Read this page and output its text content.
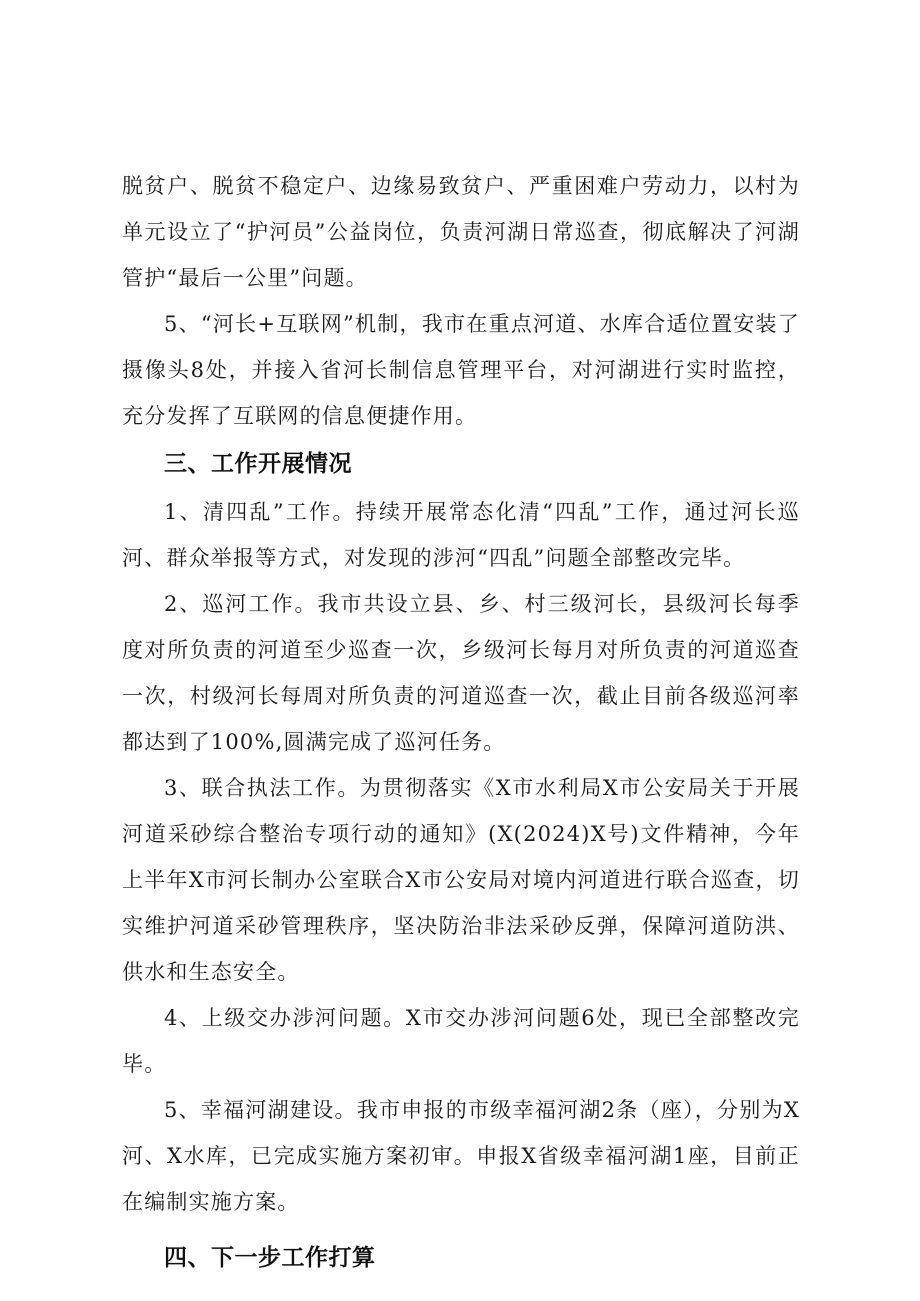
脱贫户、脱贫不稳定户、边缘易致贫户、严重困难户劳动力，以村为单元设立了“护河员”公益岗位，负责河湖日常巡查，彻底解决了河湖管护“最后一公里”问题。

5、“河长+互联网”机制，我市在重点河道、水库合适位置安装了摄像头8处，并接入省河长制信息管理平台，对河湖进行实时监控，充分发挥了互联网的信息便捷作用。

三、工作开展情况

1、清四乱”工作。持续开展常态化清“四乱”工作，通过河长巡河、群众举报等方式，对发现的涉河“四乱”问题全部整改完毕。

2、巡河工作。我市共设立县、乡、村三级河长，县级河长每季度对所负责的河道至少巡查一次，乡级河长每月对所负责的河道巡查一次，村级河长每周对所负责的河道巡查一次，截止目前各级巡河率都达到了100%,圆满完成了巡河任务。

3、联合执法工作。为贯彻落实《X市水利局X市公安局关于开展河道采砂综合整治专项行动的通知》(X(2024)X号)文件精神，今年上半年X市河长制办公室联合X市公安局对境内河道进行联合巡查，切实维护河道采砂管理秩序，坚决防治非法采砂反弹，保障河道防洪、供水和生态安全。

4、上级交办涉河问题。X市交办涉河问题6处，现已全部整改完毕。

5、幸福河湖建设。我市申报的市级幸福河湖2条（座），分别为X河、X水库，已完成实施方案初审。申报X省级幸福河湖1座，目前正在编制实施方案。

四、下一步工作打算
